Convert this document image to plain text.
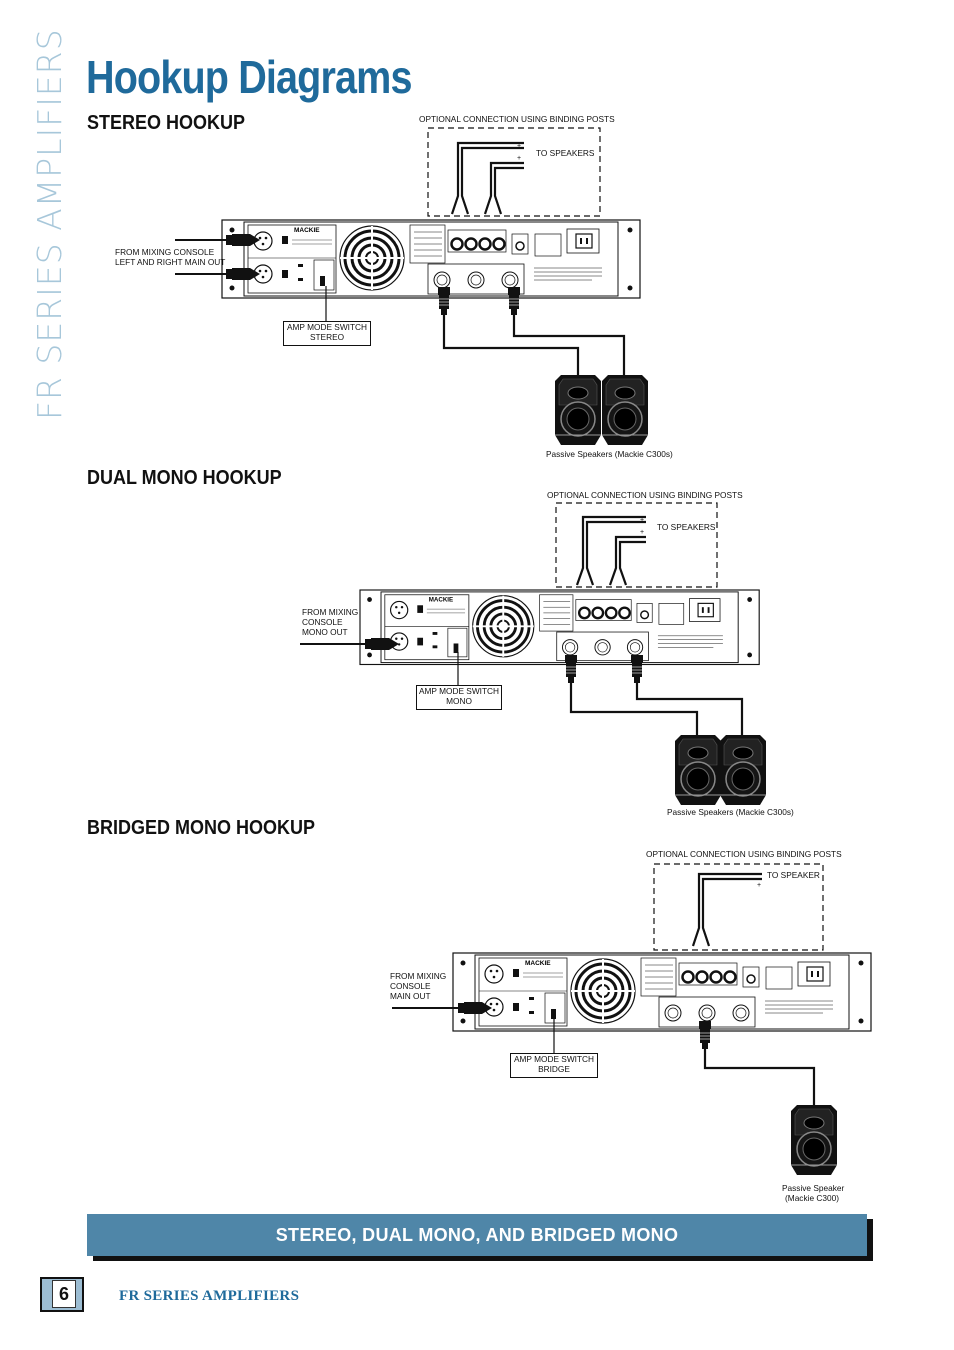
FR SERIES AMPLIFIERS Hookup Diagrams
STEREO HOOKUP
DUAL MONO HOOKUP
BRIDGED MONO HOOKUP
MACKIE
+
+
+
+
+
OPTIONAL CONNECTION USING BINDING POSTS
TO SPEAKERS
FROM MIXING CONSOLE
LEFT AND RIGHT MAIN OUT
AMP MODE SWITCH
STEREO
Passive Speakers (Mackie C300s)
OPTIONAL CONNECTION USING BINDING POSTS
TO SPEAKERS
FROM MIXING
CONSOLE
MONO OUT
AMP MODE SWITCH
MONO
Passive Speakers (Mackie C300s)
OPTIONAL CONNECTION USING BINDING POSTS
TO SPEAKER
FROM MIXING
CONSOLE
MAIN OUT
AMP MODE SWITCH
BRIDGE
Passive Speaker
(Mackie C300)
STEREO, DUAL MONO, AND BRIDGED MONO
6	FR SERIES AMPLIFIERS
